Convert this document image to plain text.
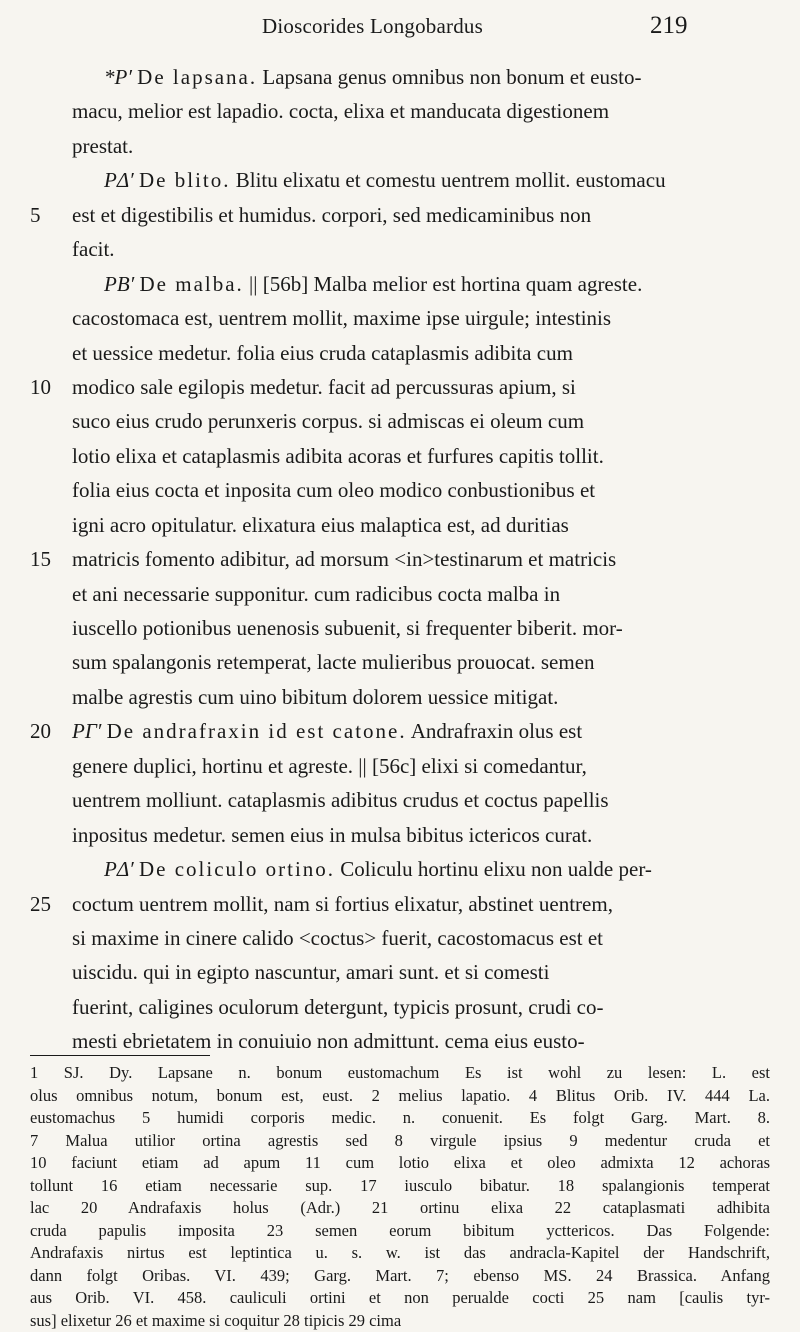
Dioscorides Longobardus	219
*P′ De lapsana. Lapsana genus omnibus non bonum et eusto-
macu, melior est lapadio. cocta, elixa et manducata digestionem
prestat.
PΔ′ De blito. Blitu elixatu et comestu uentrem mollit. eustomacu
5	est et digestibilis et humidus. corpori, sed medicaminibus non
facit.
PB′ De malba. || [56b] Malba melior est hortina quam agreste.
cacostomaca est, uentrem mollit, maxime ipse uirgule; intestinis
et uessice medetur. folia eius cruda cataplasmis adibita cum
10	modico sale egilopis medetur. facit ad percussuras apium, si
suco eius crudo perunxeris corpus. si admiscas ei oleum cum
lotio elixa et cataplasmis adibita acoras et furfures capitis tollit.
folia eius cocta et inposita cum oleo modico conbustionibus et
igni acro opitulatur. elixatura eius malaptica est, ad duritias
15	matricis fomento adibitur, ad morsum <in>testinarum et matricis
et ani necessarie supponitur. cum radicibus cocta malba in
iuscello potionibus uenenosis subuenit, si frequenter biberit. mor-
sum spalangonis retemperat, lacte mulieribus prouocat. semen
malbe agrestis cum uino bibitum dolorem uessice mitigat.
20	PΓ′ De andrafraxin id est catone. Andrafraxin olus est
genere duplici, hortinu et agreste. || [56c] elixi si comedantur,
uentrem molliunt. cataplasmis adibitus crudus et coctus papellis
inpositus medetur. semen eius in mulsa bibitus ictericos curat.
PΔ′ De coliculo ortino. Coliculu hortinu elixu non ualde per-
25	coctum uentrem mollit, nam si fortius elixatur, abstinet uentrem,
si maxime in cinere calido <coctus> fuerit, cacostomacus est et
uiscidu. qui in egipto nascuntur, amari sunt. et si comesti
fuerint, caligines oculorum detergunt, typicis prosunt, crudi co-
mesti ebrietatem in conuiuio non admittunt. cema eius eusto-
1 SJ. Dy. Lapsane n. bonum eustomachum Es ist wohl zu lesen: L. est
olus omnibus notum, bonum est, eust. 2 melius lapatio. 4 Blitus Orib. IV. 444 La.
eustomachus 5 humidi corporis medic. n. conuenit. Es folgt Garg. Mart. 8.
7 Malua utilior ortina agrestis sed 8 virgule ipsius 9 medentur cruda et
10 faciunt etiam ad apum 11 cum lotio elixa et oleo admixta 12 achoras
tollunt 16 etiam necessarie sup. 17 iusculo bibatur. 18 spalangionis temperat
lac 20 Andrafaxis holus (Adr.) 21 ortinu elixa 22 cataplasmati adhibita
cruda papulis imposita 23 semen eorum bibitum ycttericos. Das Folgende:
Andrafaxis nirtus est leptintica u. s. w. ist das andracla-Kapitel der Handschrift,
dann folgt Oribas. VI. 439; Garg. Mart. 7; ebenso MS. 24 Brassica. Anfang
aus Orib. VI. 458. cauliculi ortini et non perualde cocti 25 nam [caulis tyr-
sus] elixetur 26 et maxime si coquitur 28 tipicis 29 cima
